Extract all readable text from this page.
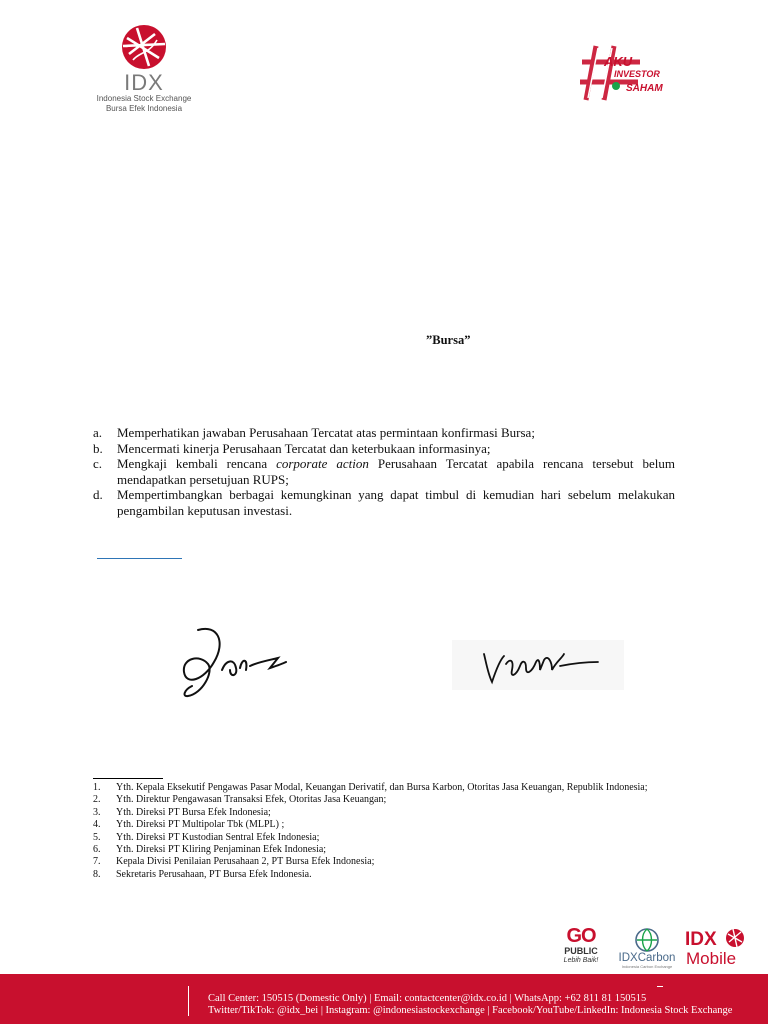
IDX
Indonesia Stock Exchange
Bursa Efek Indonesia
AKU
INVESTOR
SAHAM
”Bursa”
a.	Memperhatikan jawaban Perusahaan Tercatat atas permintaan konfirmasi Bursa;
b.	Mencermati kinerja Perusahaan Tercatat dan keterbukaan informasinya;
c.	Mengkaji kembali rencana corporate action Perusahaan Tercatat apabila rencana tersebut belum mendapatkan persetujuan RUPS;
d.	Mempertimbangkan berbagai kemungkinan yang dapat timbul di kemudian hari sebelum melakukan pengambilan keputusan investasi.
1.	Yth. Kepala Eksekutif Pengawas Pasar Modal, Keuangan Derivatif, dan Bursa Karbon, Otoritas Jasa Keuangan, Republik Indonesia;
2.	Yth. Direktur Pengawasan Transaksi Efek, Otoritas Jasa Keuangan;
3.	Yth. Direksi PT Bursa Efek Indonesia;
4.	Yth. Direksi PT Multipolar Tbk (MLPL) ;
5.	Yth. Direksi PT Kustodian Sentral Efek Indonesia;
6.	Yth. Direksi PT Kliring Penjaminan Efek Indonesia;
7.	Kepala Divisi Penilaian Perusahaan 2, PT Bursa Efek Indonesia;
8.	Sekretaris Perusahaan, PT Bursa Efek Indonesia.
GO
PUBLIC
Lebih Baik!	IDXCarbon
Indonesia Carbon Exchange
IDX
Mobile
Call Center: 150515 (Domestic Only) | Email: contactcenter@idx.co.id | WhatsApp: +62 811 81 150515
Twitter/TikTok: @idx_bei | Instagram: @indonesiastockexchange | Facebook/YouTube/LinkedIn: Indonesia Stock Exchange
